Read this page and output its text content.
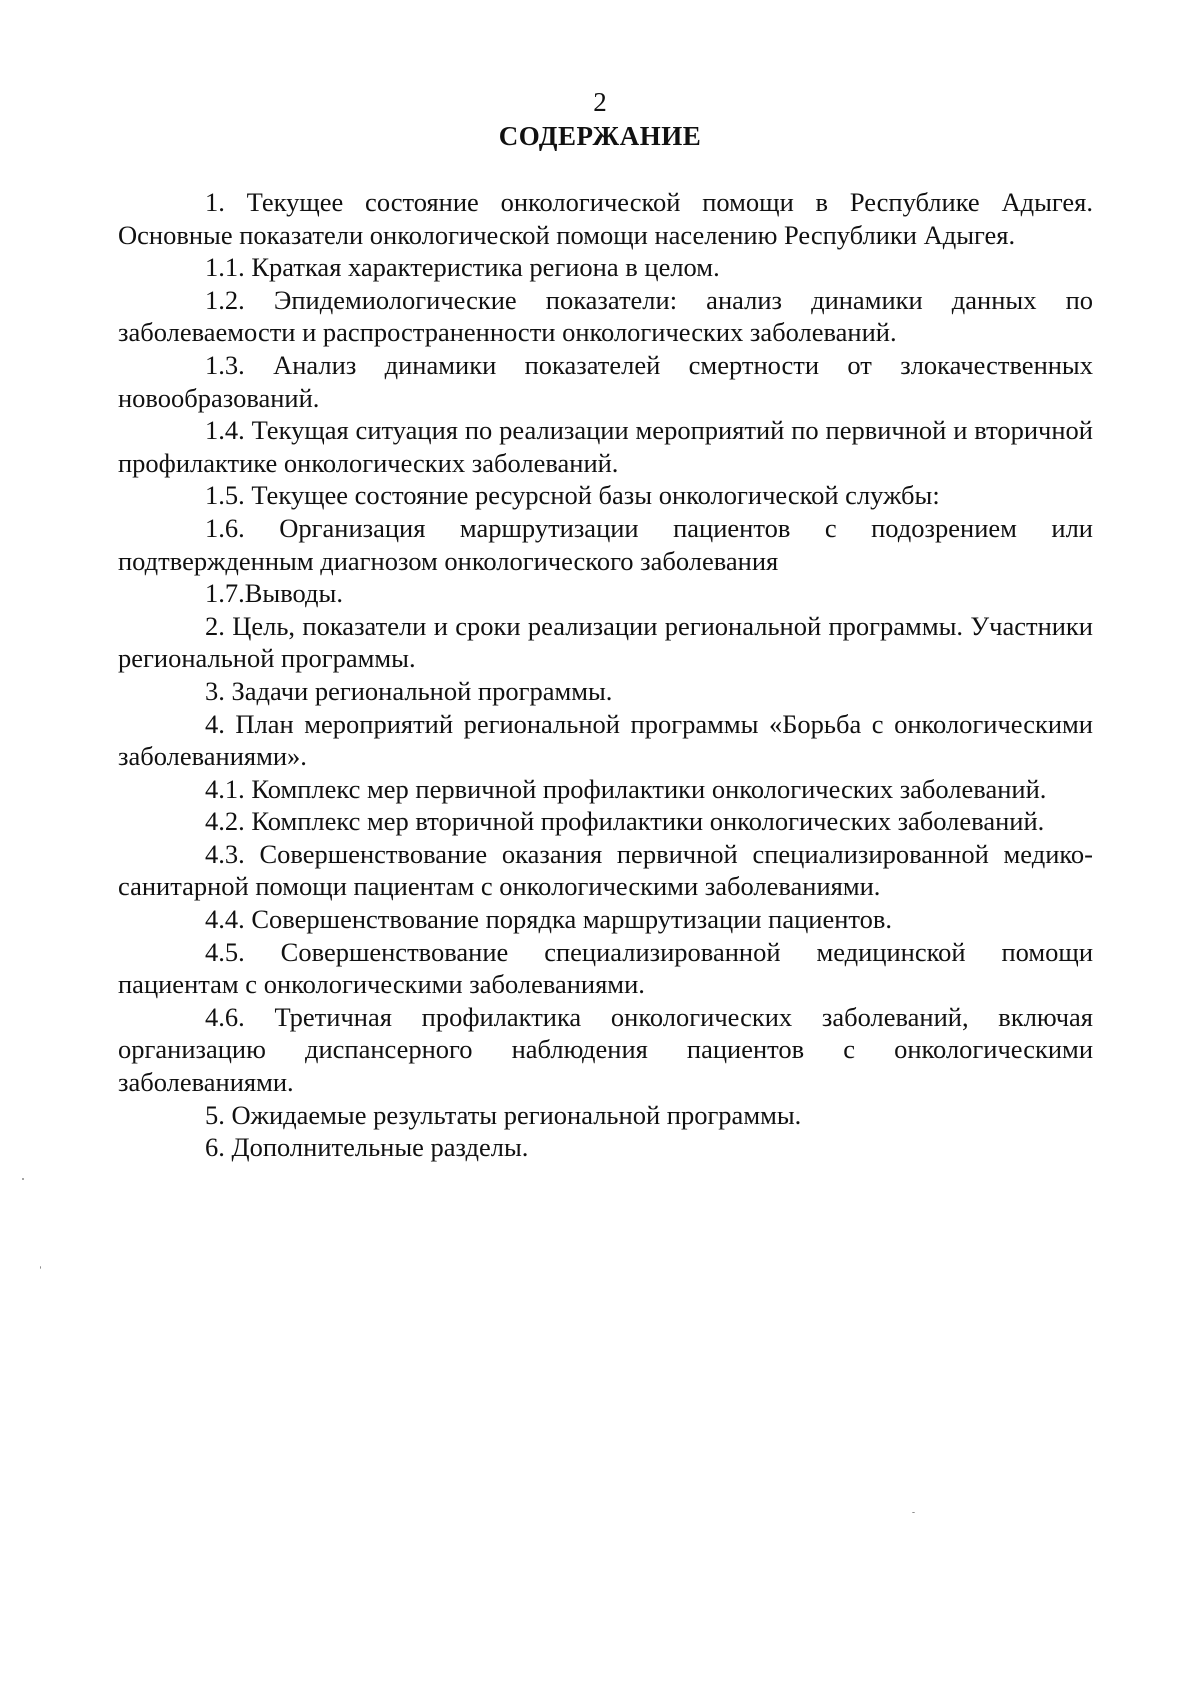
2
СОДЕРЖАНИЕ

1. Текущее состояние онкологической помощи в Республике Адыгея. Основные показатели онкологической помощи населению Республики Адыгея.

1.1. Краткая характеристика региона в целом.

1.2. Эпидемиологические показатели: анализ динамики данных по заболеваемости и распространенности онкологических заболеваний.

1.3. Анализ динамики показателей смертности от злокачественных новообразований.

1.4. Текущая ситуация по реализации мероприятий по первичной и вторичной профилактике онкологических заболеваний.

1.5. Текущее состояние ресурсной базы онкологической службы:

1.6. Организация маршрутизации пациентов с подозрением или подтвержденным диагнозом онкологического заболевания

1.7.Выводы.

2. Цель, показатели и сроки реализации региональной программы. Участники региональной программы.

3. Задачи региональной программы.

4. План мероприятий региональной программы «Борьба с онкологическими заболеваниями».

4.1. Комплекс мер первичной профилактики онкологических заболеваний.

4.2. Комплекс мер вторичной профилактики онкологических заболеваний.

4.3. Совершенствование оказания первичной специализированной медико-санитарной помощи пациентам с онкологическими заболеваниями.

4.4. Совершенствование порядка маршрутизации пациентов.

4.5. Совершенствование специализированной медицинской помощи пациентам с онкологическими заболеваниями.

4.6. Третичная профилактика онкологических заболеваний, включая организацию диспансерного наблюдения пациентов с онкологическими заболеваниями.

5. Ожидаемые результаты региональной программы.

6. Дополнительные разделы.
